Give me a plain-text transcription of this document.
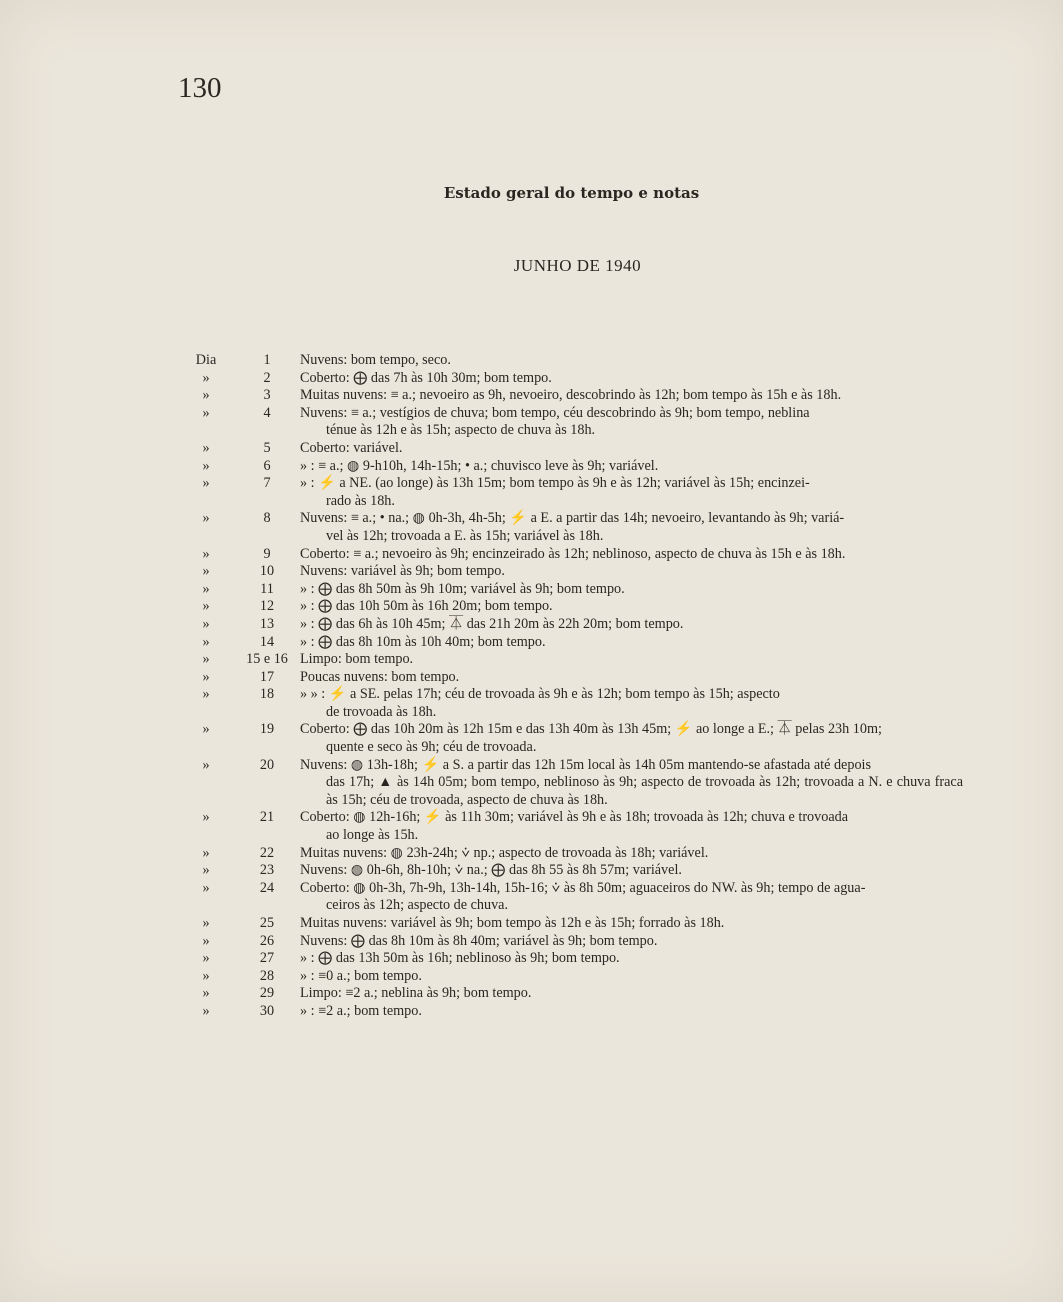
130
Estado geral do tempo e notas
JUNHO DE 1940
Dia	1	Nuvens: bom tempo, seco.
»	2	Coberto: ⨁ das 7h às 10h 30m; bom tempo.
»	3	Muitas nuvens: ≡ a.; nevoeiro as 9h, nevoeiro, descobrindo às 12h; bom tempo às 15h e às 18h.
»	4	Nuvens: ≡ a.; vestígios de chuva; bom tempo, céu descobrindo às 9h; bom tempo, neblina
ténue às 12h e às 15h; aspecto de chuva às 18h.
»	5	Coberto: variável.
»	6	» : ≡ a.; ◍ 9-h10h, 14h-15h; • a.; chuvisco leve às 9h; variável.
»	7	» : ⚡ a NE. (ao longe) às 13h 15m; bom tempo às 9h e às 12h; variável às 15h; encinzei-
rado às 18h.
»	8	Nuvens: ≡ a.; • na.; ◍ 0h-3h, 4h-5h; ⚡ a E. a partir das 14h; nevoeiro, levantando às 9h; variá-
vel às 12h; trovoada a E. às 15h; variável às 18h.
»	9	Coberto: ≡ a.; nevoeiro às 9h; encinzeirado às 12h; neblinoso, aspecto de chuva às 15h e às 18h.
»	10	Nuvens: variável às 9h; bom tempo.
»	11	» : ⨁ das 8h 50m às 9h 10m; variável às 9h; bom tempo.
»	12	» : ⨁ das 10h 50m às 16h 20m; bom tempo.
»	13	» : ⨁ das 6h às 10h 45m; ⏄ das 21h 20m às 22h 20m; bom tempo.
»	14	» : ⨁ das 8h 10m às 10h 40m; bom tempo.
»	15 e 16 Limpo: bom tempo.
»	17	Poucas nuvens: bom tempo.
»	18	» » : ⚡ a SE. pelas 17h; céu de trovoada às 9h e às 12h; bom tempo às 15h; aspecto
de trovoada às 18h.
»	19	Coberto: ⨁ das 10h 20m às 12h 15m e das 13h 40m às 13h 45m; ⚡ ao longe a E.; ⏄ pelas 23h 10m;
quente e seco às 9h; céu de trovoada.
»	20	Nuvens: ◍ 13h-18h; ⚡ a S. a partir das 12h 15m local às 14h 05m mantendo-se afastada até depois
das 17h; ▲ às 14h 05m; bom tempo, neblinoso às 9h; aspecto de trovoada às 12h; trovoada a N. e chuva fraca às 15h; céu de trovoada, aspecto de chuva às 18h.
»	21	Coberto: ◍ 12h-16h; ⚡ às 11h 30m; variável às 9h e às 18h; trovoada às 12h; chuva e trovoada
ao longe às 15h.
»	22	Muitas nuvens: ◍ 23h-24h; ⩒ np.; aspecto de trovoada às 18h; variável.
»	23	Nuvens: ◍ 0h-6h, 8h-10h; ⩒ na.; ⨁ das 8h 55 às 8h 57m; variável.
»	24	Coberto: ◍ 0h-3h, 7h-9h, 13h-14h, 15h-16; ⩒ às 8h 50m; aguaceiros do NW. às 9h; tempo de agua-
ceiros às 12h; aspecto de chuva.
»	25	Muitas nuvens: variável às 9h; bom tempo às 12h e às 15h; forrado às 18h.
»	26	Nuvens: ⨁ das 8h 10m às 8h 40m; variável às 9h; bom tempo.
»	27	» : ⨁ das 13h 50m às 16h; neblinoso às 9h; bom tempo.
»	28	» : ≡0 a.; bom tempo.
»	29	Limpo: ≡2 a.; neblina às 9h; bom tempo.
»	30	» : ≡2 a.; bom tempo.
